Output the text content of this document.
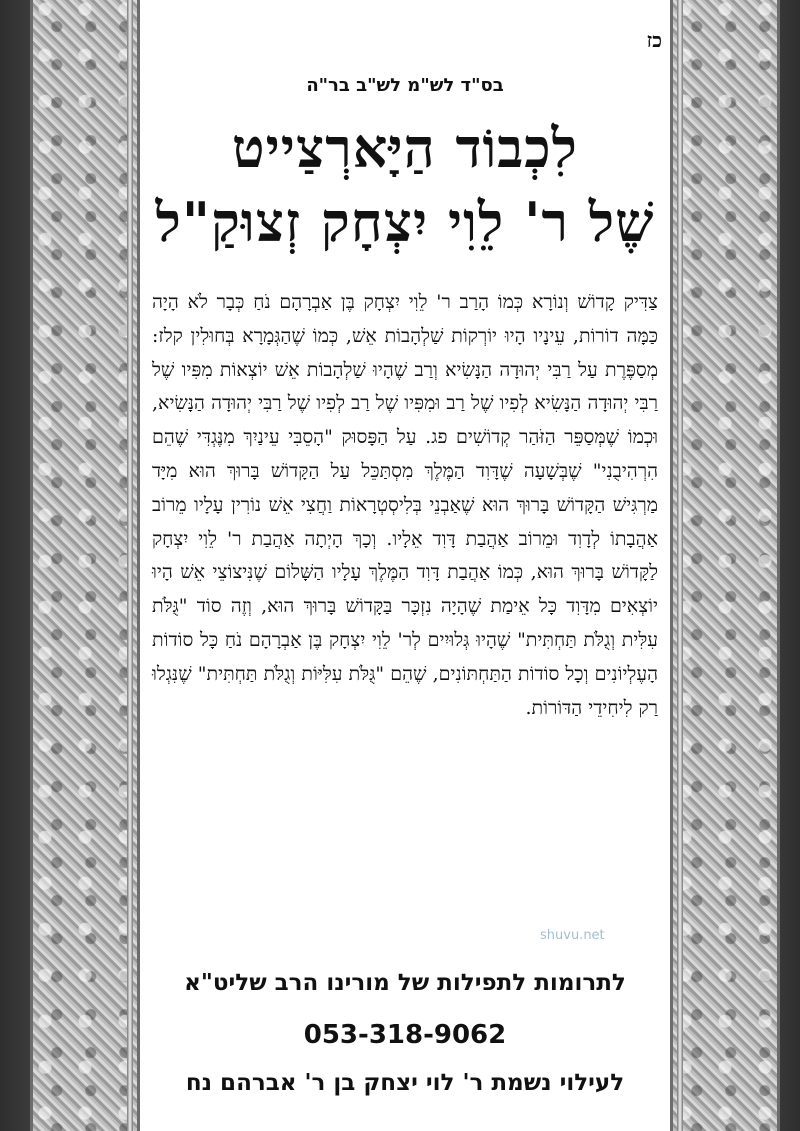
כז
בס"ד לש"מ לש"ב בר"ה
לִכְבוֹד הַיָּארְצַייט
שֶׁל ר' לֵוִי יִצְחָק זְצוּקַ"ל
צַדִּיק קָדוֹשׁ וְנוֹרָא כְּמוֹ הָרַב ר' לֵוִי יִצְחָק בֶּן אַבְרָהָם נֹחַ כְּבָר לֹא הָיָה כַּמָּה דוֹרוֹת, עֵינָיו הָיוּ יוֹרְקוֹת שַׁלְהָבוֹת אֵשׁ, כְּמוֹ שֶׁהַגְּמָרָא בְּחוּלִין קלז: מְסַפֶּרֶת עַל רַבִּי יְהוּדָה הַנָּשִׂיא וְרַב שֶׁהָיוּ שַׁלְהָבוֹת אֵשׁ יוֹצְאוֹת מִפִּיו שֶׁל רַבִּי יְהוּדָה הַנָּשִׂיא לְפִיו שֶׁל רַב וּמִפִּיו שֶׁל רַב לְפִיו שֶׁל רַבִּי יְהוּדָה הַנָּשִׂיא, וּכְמוֹ שֶׁמְּסַפֵּר הַזֹּהַר קְדוֹשִׁים פג. עַל הַפָּסוּק "הָסֵבִּי עֵינַיִךְ מִנֶּגְדִּי שֶׁהֵם הִרְהִיבֻנִי" שֶׁבְּשָׁעָה שֶׁדָּוִד הַמֶּלֶךְ מִסְתַּכֵּל עַל הַקָּדוֹשׁ בָּרוּךְ הוּא מִיָּד מַרְגִּישׁ הַקָּדוֹשׁ בָּרוּךְ הוּא שֶׁאַבְנֵי בְּלִיסְטְרָאוֹת וַחֲצִי אֵשׁ נוֹרִין עָלָיו מֵרוֹב אַהֲבָתוֹ לְדָוִד וּמֵרוֹב אַהֲבַת דָּוִד אֵלָיו. וְכָךְ הָיְתָה אַהֲבַת ר' לֵוִי יִצְחָק לַקָּדוֹשׁ בָּרוּךְ הוּא, כְּמוֹ אַהֲבַת דָּוִד הַמֶּלֶךְ עָלָיו הַשָּׁלוֹם שֶׁנִּיצוֹצֵי אֵשׁ הָיוּ יוֹצְאִים מִדָּוִד כָּל אֵימַת שֶׁהָיָה נִזְכָּר בַּקָּדוֹשׁ בָּרוּךְ הוּא, וְזֶה סוֹד "גֻּלֹּת עִלִּית וְגֻלֹּת תַּחְתִּית" שֶׁהָיוּ גְּלוּיִים לְר' לֵוִי יִצְחָק בֶּן אַבְרָהָם נֹחַ כָּל סוֹדוֹת הָעֶלְיוֹנִים וְכָל סוֹדוֹת הַתַּחְתּוֹנִים, שֶׁהֵם "גֻּלֹּת עִלִּיּוֹת וְגֻלֹּת תַּחְתִּית" שֶׁנִּגְלוּ רַק לִיחִידֵי הַדּוֹרוֹת.
shuvu.net
לתרומות לתפילות של מורינו הרב שליט"א
053-318-9062
לעילוי נשמת ר' לוי יצחק בן ר' אברהם נח
